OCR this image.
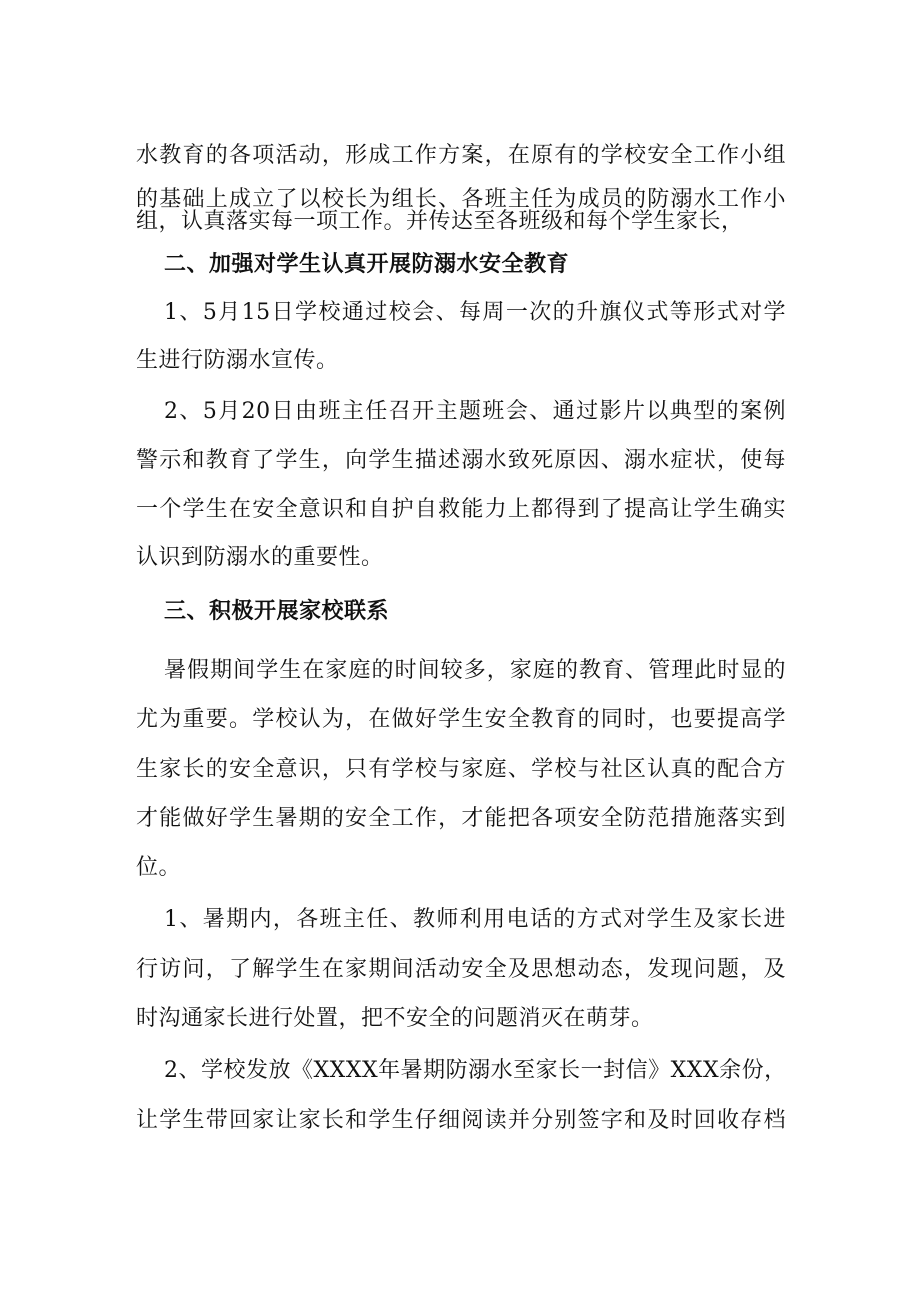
水教育的各项活动，形成工作方案，在原有的学校安全工作小组
的基础上成立了以校长为组长、各班主任为成员的防溺水工作小
组，认真落实每一项工作。并传达至各班级和每个学生家长，
二、加强对学生认真开展防溺水安全教育
1、5月15日学校通过校会、每周一次的升旗仪式等形式对学
生进行防溺水宣传。
2、5月20日由班主任召开主题班会、通过影片以典型的案例
警示和教育了学生，向学生描述溺水致死原因、溺水症状，使每
一个学生在安全意识和自护自救能力上都得到了提高让学生确实
认识到防溺水的重要性。
三、积极开展家校联系
暑假期间学生在家庭的时间较多，家庭的教育、管理此时显的
尤为重要。学校认为，在做好学生安全教育的同时，也要提高学
生家长的安全意识，只有学校与家庭、学校与社区认真的配合方
才能做好学生暑期的安全工作，才能把各项安全防范措施落实到
位。
1、暑期内，各班主任、教师利用电话的方式对学生及家长进
行访问，了解学生在家期间活动安全及思想动态，发现问题，及
时沟通家长进行处置，把不安全的问题消灭在萌芽。
2、学校发放《XXXX年暑期防溺水至家长一封信》XXX余份，
让学生带回家让家长和学生仔细阅读并分别签字和及时回收存档
